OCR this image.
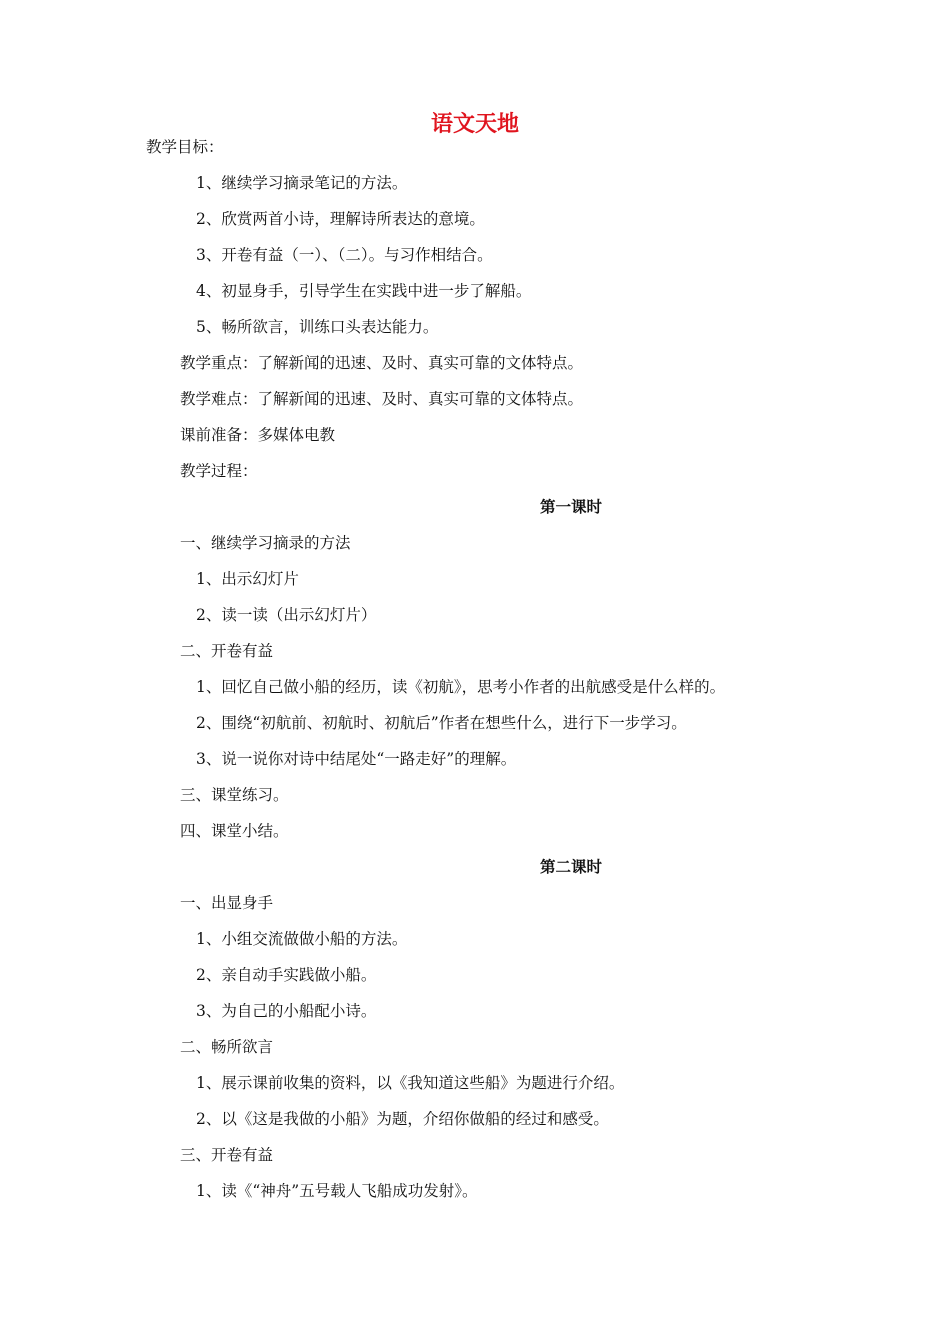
语文天地
教学目标：
1、继续学习摘录笔记的方法。
2、欣赏两首小诗，理解诗所表达的意境。
3、开卷有益（一）、（二）。与习作相结合。
4、初显身手，引导学生在实践中进一步了解船。
5、畅所欲言，训练口头表达能力。
教学重点：了解新闻的迅速、及时、真实可靠的文体特点。
教学难点：了解新闻的迅速、及时、真实可靠的文体特点。
课前准备：多媒体电教
教学过程：
第一课时
一、继续学习摘录的方法
1、出示幻灯片
2、读一读（出示幻灯片）
二、开卷有益
1、回忆自己做小船的经历，读《初航》，思考小作者的出航感受是什么样的。
2、围绕“初航前、初航时、初航后”作者在想些什么，进行下一步学习。
3、说一说你对诗中结尾处“一路走好”的理解。
三、课堂练习。
四、课堂小结。
第二课时
一、出显身手
1、小组交流做做小船的方法。
2、亲自动手实践做小船。
3、为自己的小船配小诗。
二、畅所欲言
1、展示课前收集的资料，以《我知道这些船》为题进行介绍。
2、以《这是我做的小船》为题，介绍你做船的经过和感受。
三、开卷有益
1、读《“神舟”五号载人飞船成功发射》。
